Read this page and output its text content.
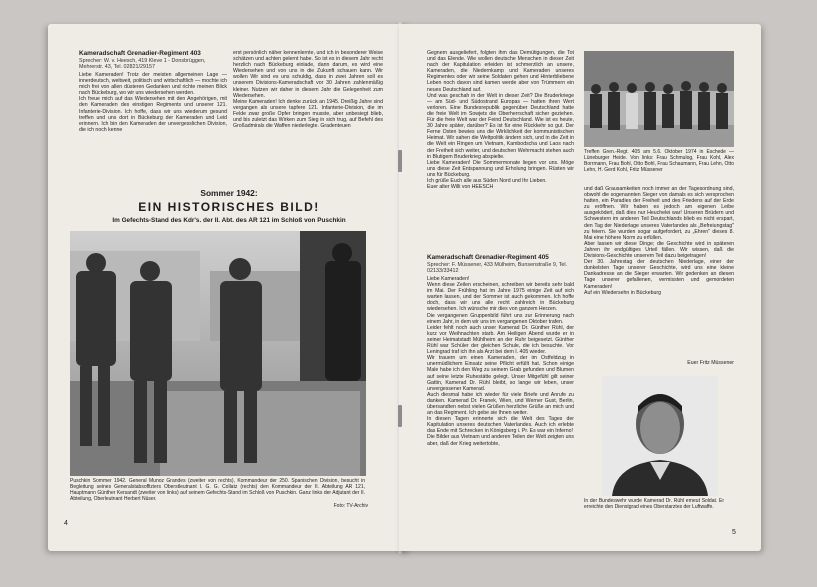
Kameradschaft Grenadier-Regiment 403
Sprecher: W. v. Heesch, 419 Kleve 1 - Donsbrüggen, Mehrerstr. 43, Tel. 02821/29157
Liebe Kameraden! Trotz der meisten allgemeinen Lage — innerdeutsch, weltweit, politisch und wirtschaftlich — mochte ich mich frei von allen düsteren Gedanken und richte meinen Blick nach Bückeburg, wo wir uns wiedersehen werden.
Ich freue mich auf das Wiedersehen mit den Angehörigen, mit den Kameraden des einstigen Regiments und unserer 121. Infanterie-Division. Ich hoffe, dass wir uns wiederum gesund treffen und uns dort in Bückeburg der Kameraden und Leid erinnern. Ich bin den Kameraden der unvergesslichen Division, die ich noch kenne
erst persönlich näher kennenlernte, und ich in besonderer Weise schätzen und achten gelernt habe. So ist es in diesem Jahr recht herzlich nach Bückeburg einlade, dann darum, es wird eine Wiedersehen und von uns in die Zukunft schauen kann. Wir wollen Wir sind es uns schuldig, dass in zwei Jahren soll es unserem Divisions-Kameradschaft vor 30 Jahren zahlenmäßig kleiner. Nutzen wir daher in diesem Jahr die Gelegenheit zum Wiedersehen.
Meine Kameraden! Ich denke zurück an 1945. Dreißig Jahre sind vergangen als unsere tapfere 121. Infanterie-Division, die im Felde zwar große Opfer bringen musste, aber unbesiegt blieb, und bis zuletzt das Wirken zum Sieg in sich trug, auf Befehl des Großadmirals die Waffen niederlegte. Gradenteuen
Sommer 1942:
EIN HISTORISCHES BILD!
Im Gefechts-Stand des Kdr's. der II. Abt. des AR 121 im Schloß von Puschkin
Puschkin Sommer 1942. General Munoz Grandes (zweiter von rechts), Kommandeur der 250. Spanischen Division, besucht in Begleitung seines Generalstabsoffiziers Oberstleutnant I. G. G. Collatz (rechts) den Kommandeur der II. Abteilung AR 121, Hauptmann Günther Kersandt (zweiter von links) auf seinem Gefechts-Stand im Schloß von Puschkin. Ganz links der Adjutant der II. Abteilung, Oberleutnant Herbert Nüser.
Foto: TV-Archiv
4
Gegnern ausgeliefert, folgten ihm das Demütigungen, die Tot und das Elende. Wie wollen deutsche Menschen in dieser Zeit nach der Kapitulation erleiden ist schmerzlich an unsere, Kameraden, die Niedernkamp und Kameraden unseres Regimentes oder wir seine Soldaten gehen und Hinterbliebene Leben noch davon sind kamen werde aber von Trümmern ein neues Deutschland auf.
Und was geschah in der Welt in dieser Zeit? Die Bruderkriege — am Süd- und Südostrand Europas — hatten ihren Wert verloren. Eine Bundesrepublik gegenüber Deutschland hatte die freie Welt im Sowjets die Oberherrschaft sicher geziehen. Für die freie Welt war der Feind Deutschland. Wie ist es heute, 30 Jahre später, darüber? Es ist für eine Rückkehr so gut. Der Ferne Osten bewies uns die Wirklichkeit der kommunistischen Heimat. Wir sahen die Weltpolitik ändern sich, und in die Zeit in die Welt ein Ringen um Vietnam, Kambodscha und Laos nach der Freiheit sich weiter, und deutschen Wehrmacht stehen auch in Blutigem Bruderkrieg abspielte.
Liebe Kameraden! Die Sommermonate liegen vor uns. Möge uns diese Zeit Entspannung und Erholung bringen. Rüsten wir uns für Bückeburg.
Ich grüße Euch alle aus Süden Nord und Ihr Lieben.
Euer alter Willi von HEESCH
Kameradschaft Grenadier-Regiment 405
Sprecher: F. Müssener, 433 Mülheim, Bunsenstraße 9, Tel. 02133/33412
Liebe Kameraden!
Wenn diese Zeilen erscheinen, schreiben wir bereits sehr bald im Mai. Der Frühling hat im Jahre 1975 einige Zeit auf sich warten lassen, und der Sommer ist auch gekommen. Ich hoffe doch, dass wir uns alle recht zahlreich in Bückeburg wiedersehen. Ich wünsche mir dies von ganzem Herzen.
Die vergangenen Gruppenbild führt uns zur Erinnerung nach einem Jahr, in dem wir uns im vergangenen Oktober trafen.
Leider fehlt noch auch unser Kamerad Dr. Günther Rühl, der kurz vor Weihnachten starb. Am Heiligen Abend wurde er in seiner Heimatstadt Mühlheim an der Ruhr beigesetzt. Günther Rühl war Schüler der gleichen Schule, die ich besuchte. Vor Leningrad traf ich ihn als Arzt bei dem I. 405 wieder.
Wir trauern um einen Kameraden, der im Ostfeldzug in unermüdlichem Einsatz seine Pflicht erfüllt hat. Schon einige Male habe ich den Weg zu seinem Grab gefunden und Blumen auf seine letzte Ruhestätte gelegt. Unser Mitgefühl gilt seiner Gattin, Kamerad Dr. Rühl bleibt, so lange wir leben, unser unvergessener Kamerad.
Auch diesmal habe ich wieder für viele Briefe und Anrufe zu danken. Kamerad Dr. Franek, Wien, und Werner Gust, Berlin, übersandten nebst vielen Grüßen herzliche Grüße an mich und an das Regiment. Ich gebe sie Ihnen weiter.
In diesen Tagen erinnerte sich die Welt des Tages der Kapitulation unseres deutschen Vaterlandes. Auch ich erlebte das Ende mit Schrecken in Königsberg i. Pr. Es war ein Inferno!
Die Bilder aus Vietnam und anderen Teilen der Welt zeigten uns aber, daß der Krieg weitertobte,
Treffen Gren.-Regt. 405 am 5.6. Oktober 1974 in Eschede — Lüneburger Heide. Von links: Frau Schmulog, Frau Kohl, Alex Borrmann, Frau Bohl, Otto Bohl, Frau Schaumann, Frau Lehn, Otto Lehn, H. Gerd Kohl, Fritz Müssener
und daß Grausamkeiten noch immer an der Tagesordnung sind, obwohl die sogenannten Sieger von damals es sich versprochen hatten, ein Paradies der Freiheit und des Friedens auf der Erde zu eröffnen. Wir haben es jedoch am eigenen Leibe ausgeködert, daß dies nur Heuchelei war! Unseren Brüdern und Schwestern im anderen Teil Deutschlands blieb es nicht erspart, den Tag der Niederlage unseres Vaterlandes als „Befreiungstag" zu feiern. Sie wurden sogar aufgefordert, zu „Ehren" dieses 8. Mai eine höhere Norm zu erfüllen.
Aber lassen wir diese Dinge; die Geschichte wird in späteren Jahren ihr endgültiges Urteil fällen. Wir wissen, daß die Divisions-Geschichte unserem Teil dazu beigetragen!
Der 30. Jahrestag der deutschen Niederlage, einer der dunkelsten Tage unserer Geschichte, wird uns eine kleine Dankadresse an die Sieger erwarten. Wir gedenken an diesen Tage unserer gefallenen, vermissten und gemordeten Kameraden!
Auf ein Wiedersehn in Bückeburg
Euer Fritz Müssener
In der Bundeswehr wurde Kamerad Dr. Rühl erneut Soldat. Er erreichte den Dienstgrad eines Oberstarztes der Luftwaffe.
5
